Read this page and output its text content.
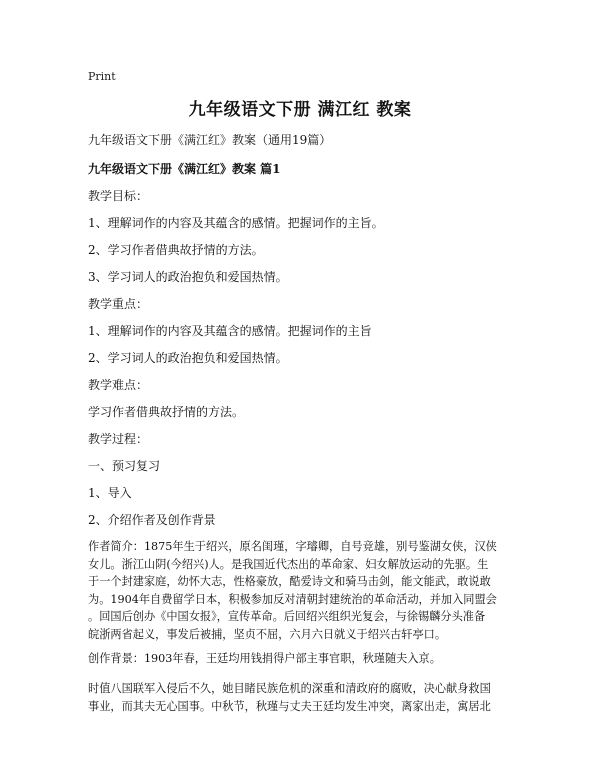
Print
九年级语文下册 满江红 教案
九年级语文下册《满江红》教案（通用19篇）
九年级语文下册《满江红》教案 篇1
教学目标：
1、理解词作的内容及其蕴含的感情。把握词作的主旨。
2、学习作者借典故抒情的方法。
3、学习词人的政治抱负和爱国热情。
教学重点：
1、理解词作的内容及其蕴含的感情。把握词作的主旨
2、学习词人的政治抱负和爱国热情。
教学难点：
学习作者借典故抒情的方法。
教学过程：
一、预习复习
1、导入
2、介绍作者及创作背景
作者简介：1875年生于绍兴，原名闺瑾，字璿卿，自号竞雄，别号鉴湖女侠，汉侠
女儿。浙江山阴(今绍兴)人。是我国近代杰出的革命家、妇女解放运动的先驱。生
于一个封建家庭，幼怀大志，性格豪放，酷爱诗文和骑马击剑，能文能武，敢说敢
为。1904年自费留学日本，积极参加反对清朝封建统治的革命活动，并加入同盟会
。回国后创办《中国女报》，宣传革命。后回绍兴组织光复会，与徐锡麟分头准备
皖浙两省起义，事发后被捕，坚贞不屈，六月六日就义于绍兴古轩亭口。
创作背景：1903年春，王廷均用钱捐得户部主事官职，秋瑾随夫入京。
时值八国联军入侵后不久，她目睹民族危机的深重和清政府的腐败，决心献身救国
事业，而其夫无心国事。中秋节，秋瑾与丈夫王廷均发生冲突，离家出走，寓居北
